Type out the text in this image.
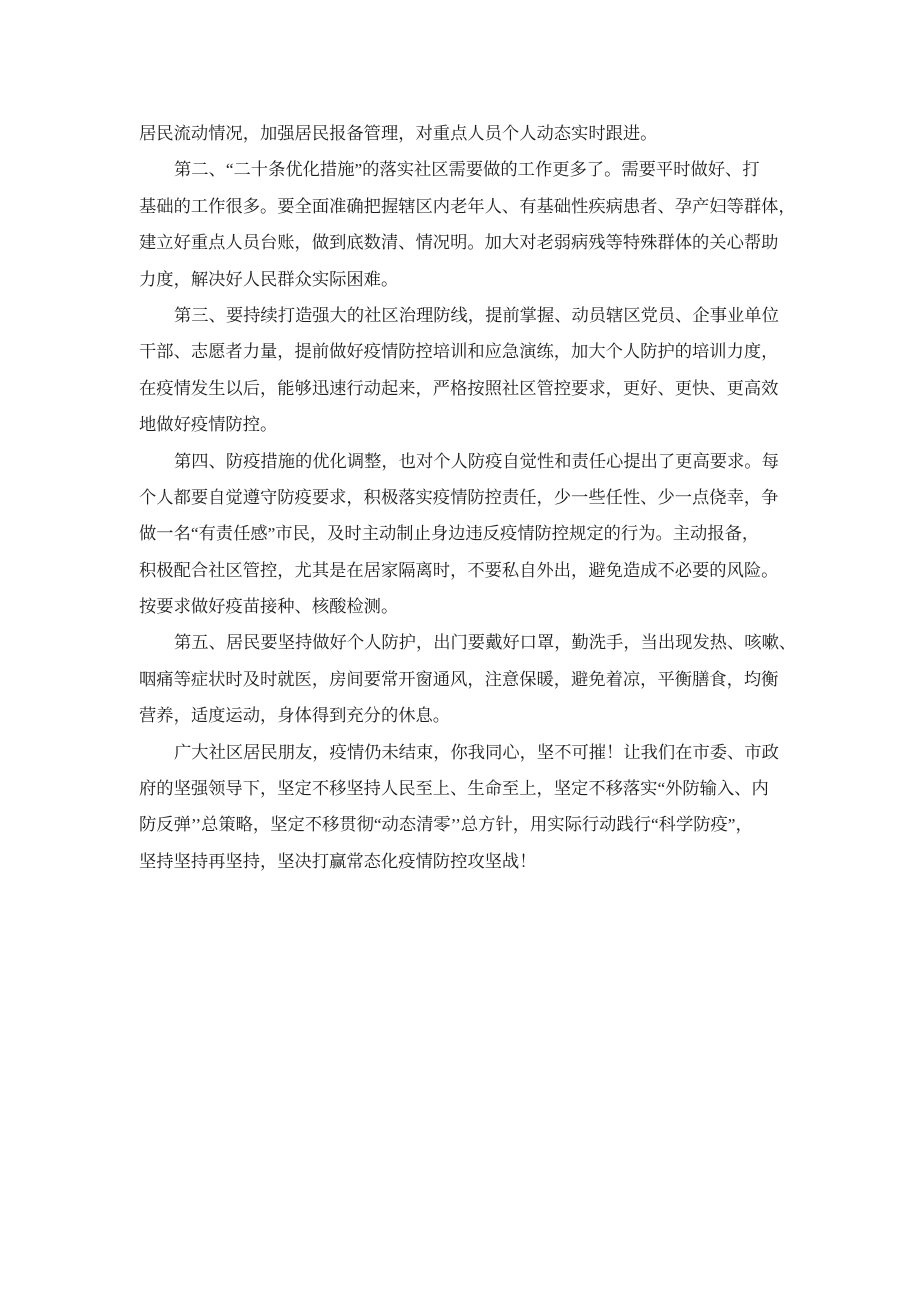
居民流动情况，加强居民报备管理，对重点人员个人动态实时跟进。
第二、“二十条优化措施”的落实社区需要做的工作更多了。需要平时做好、打
基础的工作很多。要全面准确把握辖区内老年人、有基础性疾病患者、孕产妇等群体，
建立好重点人员台账，做到底数清、情况明。加大对老弱病残等特殊群体的关心帮助
力度，解决好人民群众实际困难。
第三、要持续打造强大的社区治理防线，提前掌握、动员辖区党员、企事业单位
干部、志愿者力量，提前做好疫情防控培训和应急演练，加大个人防护的培训力度，
在疫情发生以后，能够迅速行动起来，严格按照社区管控要求，更好、更快、更高效
地做好疫情防控。
第四、防疫措施的优化调整，也对个人防疫自觉性和责任心提出了更高要求。每
个人都要自觉遵守防疫要求，积极落实疫情防控责任，少一些任性、少一点侥幸，争
做一名“有责任感”市民，及时主动制止身边违反疫情防控规定的行为。主动报备，
积极配合社区管控，尤其是在居家隔离时，不要私自外出，避免造成不必要的风险。
按要求做好疫苗接种、核酸检测。
第五、居民要坚持做好个人防护，出门要戴好口罩，勤洗手，当出现发热、咳嗽、
咽痛等症状时及时就医，房间要常开窗通风，注意保暖，避免着凉，平衡膳食，均衡
营养，适度运动，身体得到充分的休息。
广大社区居民朋友，疫情仍未结束，你我同心，坚不可摧！让我们在市委、市政
府的坚强领导下，坚定不移坚持人民至上、生命至上，坚定不移落实“外防输入、内
防反弹’’总策略，坚定不移贯彻“动态清零’’总方针，用实际行动践行“科学防疫”，
坚持坚持再坚持，坚决打赢常态化疫情防控攻坚战！
